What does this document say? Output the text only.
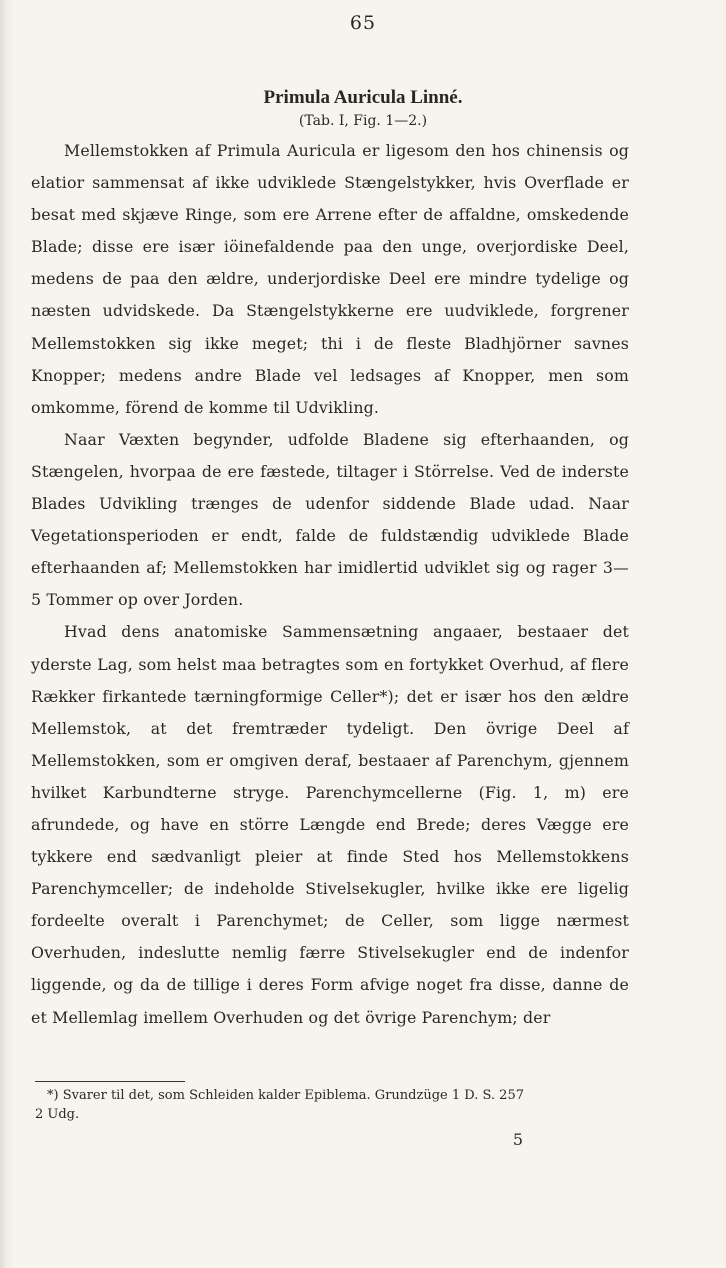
65
Primula Auricula Linné.
(Tab. I, Fig. 1—2.)

Mellemstokken af Primula Auricula er ligesom den hos chinensis og elatior sammensat af ikke udviklede Stængelstykker, hvis Overflade er besat med skjæve Ringe, som ere Arrene efter de affaldne, omskedende Blade; disse ere især iöinefaldende paa den unge, overjordiske Deel, medens de paa den ældre, underjordiske Deel ere mindre tydelige og næsten udvidskede. Da Stængelstykkerne ere uudviklede, forgrener Mellemstokken sig ikke meget; thi i de fleste Bladhjörner savnes Knopper; medens andre Blade vel ledsages af Knopper, men som omkomme, förend de komme til Udvikling.

Naar Væxten begynder, udfolde Bladene sig efterhaanden, og Stængelen, hvorpaa de ere fæstede, tiltager i Störrelse. Ved de inderste Blades Udvikling trænges de udenfor siddende Blade udad. Naar Vegetationsperioden er endt, falde de fuldstændig udviklede Blade efterhaanden af; Mellemstokken har imidlertid udviklet sig og rager 3—5 Tommer op over Jorden.

Hvad dens anatomiske Sammensætning angaaer, bestaaer det yderste Lag, som helst maa betragtes som en fortykket Overhud, af flere Rækker firkantede tærningformige Celler*); det er især hos den ældre Mellemstok, at det fremtræder tydeligt. Den övrige Deel af Mellemstokken, som er omgiven deraf, bestaaer af Parenchym, gjennem hvilket Karbundterne stryge. Parenchymcellerne (Fig. 1, m) ere afrundede, og have en större Længde end Brede; deres Vægge ere tykkere end sædvanligt pleier at finde Sted hos Mellemstokkens Parenchymceller; de indeholde Stivelsekugler, hvilke ikke ere ligelig fordeelte overalt i Parenchymet; de Celler, som ligge nærmest Overhuden, indeslutte nemlig færre Stivelsekugler end de indenfor liggende, og da de tillige i deres Form afvige noget fra disse, danne de et Mellemlag imellem Overhuden og det övrige Parenchym; der

*) Svarer til det, som Schleiden kalder Epiblema. Grundzüge 1 D. S. 257
2 Udg.
5
